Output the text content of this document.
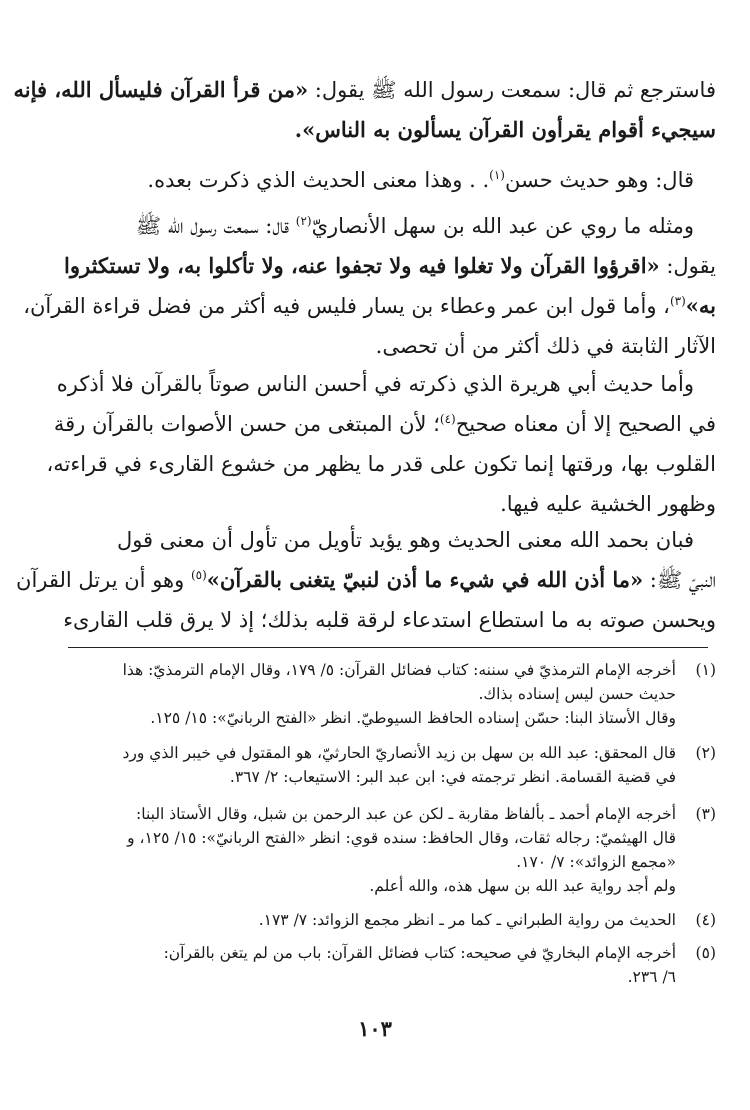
فاسترجع ثم قال: سمعت رسول الله ﷺ يقول: «من قرأ القرآن فليسأل الله، فإنه
سيجيء أقوام يقرأون القرآن يسألون به الناس».
قال: وهو حديث حسن$^{(١)}$. . وهذا معنى الحديث الذي ذكرت بعده.
ومثله ما روي عن عبد الله بن سهل الأنصاريّ$^{(٢)}$ قال: سمعت رسول الله ﷺ
يقول: «اقرؤوا القرآن ولا تغلوا فيه ولا تجفوا عنه، ولا تأكلوا به، ولا تستكثروا
به»$^{(٣)}$، وأما قول ابن عمر وعطاء بن يسار فليس فيه أكثر من فضل قراءة القرآن،
الآثار الثابتة في ذلك أكثر من أن تحصى.
وأما حديث أبي هريرة الذي ذكرته في أحسن الناس صوتاً بالقرآن فلا أذكره
في الصحيح إلا أن معناه صحيح$^{(٤)}$؛ لأن المبتغى من حسن الأصوات بالقرآن رقة
القلوب بها، ورقتها إنما تكون على قدر ما يظهر من خشوع القارىء في قراءته،
وظهور الخشية عليه فيها.
فبان بحمد الله معنى الحديث وهو يؤيد تأويل من تأول أن معنى قول
النبيّ ﷺ: «ما أذن الله في شيء ما أذن لنبيّ يتغنى بالقرآن»$^{(٥)}$ وهو أن يرتل القرآن
ويحسن صوته به ما استطاع استدعاء لرقة قلبه بذلك؛ إذ لا يرق قلب القارىء
(١)
أخرجه الإمام الترمذيّ في سننه: كتاب فضائل القرآن: ٥/ ١٧٩، وقال الإمام الترمذيّ: هذا
حديث حسن ليس إسناده بذاك.
وقال الأستاذ البنا: حسّن إسناده الحافظ السيوطيّ. انظر «الفتح الربانيّ»: ١٥/ ١٢٥.
(٢)
قال المحقق: عبد الله بن سهل بن زيد الأنصاريّ الحارثيّ، هو المقتول في خيبر الذي ورد
في قضية القسامة. انظر ترجمته في: ابن عبد البر: الاستيعاب: ٢/ ٣٦٧.
(٣)
أخرجه الإمام أحمد ـ بألفاظ مقاربة ـ لكن عن عبد الرحمن بن شبل، وقال الأستاذ البنا:
قال الهيثميّ: رجاله ثقات، وقال الحافظ: سنده قوي: انظر «الفتح الربانيّ»: ١٥/ ١٢٥، و
«مجمع الزوائد»: ٧/ ١٧٠.
ولم أجد رواية عبد الله بن سهل هذه، والله أعلم.
(٤)
الحديث من رواية الطبراني ـ كما مر ـ انظر مجمع الزوائد: ٧/ ١٧٣.
(٥)
أخرجه الإمام البخاريّ في صحيحه: كتاب فضائل القرآن: باب من لم يتغن بالقرآن:
٦/ ٢٣٦.
١٠٣
